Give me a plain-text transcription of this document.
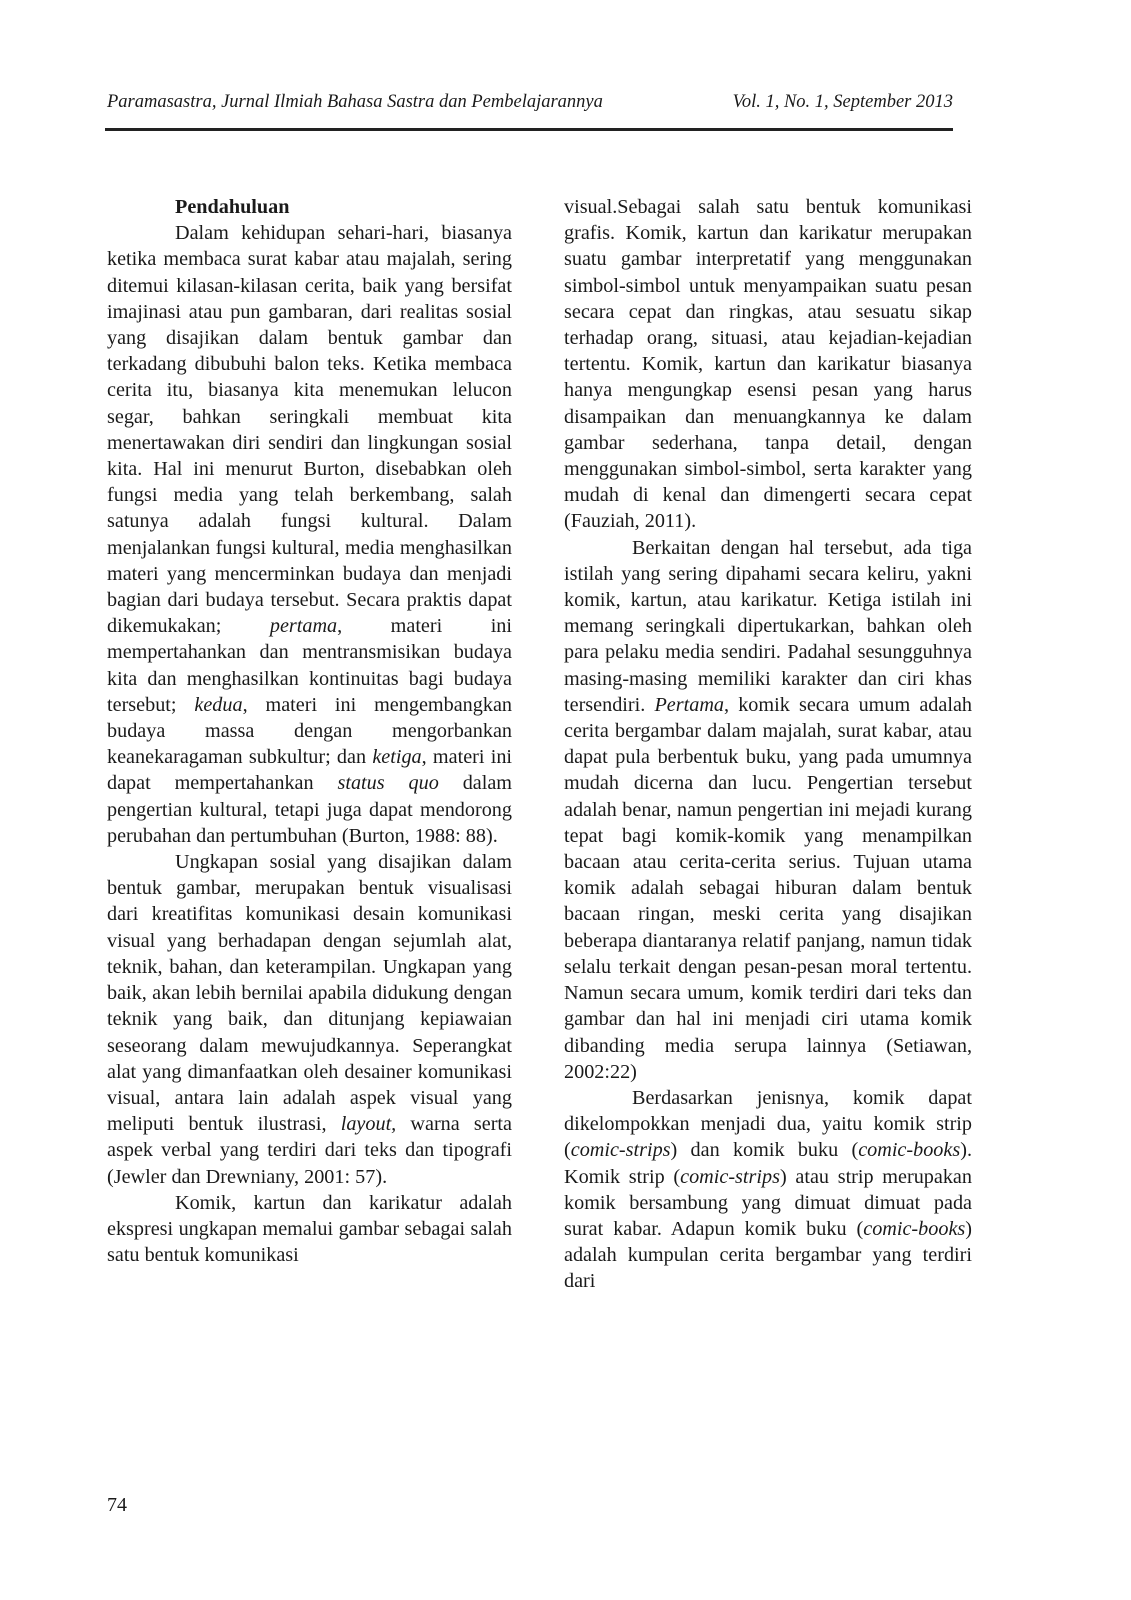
Paramasastra, Jurnal Ilmiah Bahasa Sastra dan Pembelajarannya	Vol. 1, No. 1, September 2013

Pendahuluan

Dalam kehidupan sehari-hari, biasanya ketika membaca surat kabar atau majalah, sering ditemui kilasan-kilasan cerita, baik yang bersifat imajinasi atau pun gambaran, dari realitas sosial yang disajikan dalam bentuk gambar dan terkadang dibubuhi balon teks. Ketika membaca cerita itu, biasanya kita menemukan lelucon segar, bahkan seringkali membuat kita menertawakan diri sendiri dan lingkungan sosial kita. Hal ini menurut Burton, disebabkan oleh fungsi media yang telah berkembang, salah satunya adalah fungsi kultural. Dalam menjalankan fungsi kultural, media menghasilkan materi yang mencerminkan budaya dan menjadi bagian dari budaya tersebut. Secara praktis dapat dikemukakan; pertama, materi ini mempertahankan dan mentransmisikan budaya kita dan menghasilkan kontinuitas bagi budaya tersebut; kedua, materi ini mengembangkan budaya massa dengan mengorbankan keanekaragaman subkultur; dan ketiga, materi ini dapat mempertahankan status quo dalam pengertian kultural, tetapi juga dapat mendorong perubahan dan pertumbuhan (Burton, 1988: 88).

Ungkapan sosial yang disajikan dalam bentuk gambar, merupakan bentuk visualisasi dari kreatifitas komunikasi desain komunikasi visual yang berhadapan dengan sejumlah alat, teknik, bahan, dan keterampilan. Ungkapan yang baik, akan lebih bernilai apabila didukung dengan teknik yang baik, dan ditunjang kepiawaian seseorang dalam mewujudkannya. Seperangkat alat yang dimanfaatkan oleh desainer komunikasi visual, antara lain adalah aspek visual yang meliputi bentuk ilustrasi, layout, warna serta aspek verbal yang terdiri dari teks dan tipografi (Jewler dan Drewniany, 2001: 57).

Komik, kartun dan karikatur adalah ekspresi ungkapan memalui gambar sebagai salah satu bentuk komunikasi

visual.Sebagai salah satu bentuk komunikasi grafis. Komik, kartun dan karikatur merupakan suatu gambar interpretatif yang menggunakan simbol-simbol untuk menyampaikan suatu pesan secara cepat dan ringkas, atau sesuatu sikap terhadap orang, situasi, atau kejadian-kejadian tertentu. Komik, kartun dan karikatur biasanya hanya mengungkap esensi pesan yang harus disampaikan dan menuangkannya ke dalam gambar sederhana, tanpa detail, dengan menggunakan simbol-simbol, serta karakter yang mudah di kenal dan dimengerti secara cepat (Fauziah, 2011).

Berkaitan dengan hal tersebut, ada tiga istilah yang sering dipahami secara keliru, yakni komik, kartun, atau karikatur. Ketiga istilah ini memang seringkali dipertukarkan, bahkan oleh para pelaku media sendiri. Padahal sesungguhnya masing-masing memiliki karakter dan ciri khas tersendiri. Pertama, komik secara umum adalah cerita bergambar dalam majalah, surat kabar, atau dapat pula berbentuk buku, yang pada umumnya mudah dicerna dan lucu. Pengertian tersebut adalah benar, namun pengertian ini mejadi kurang tepat bagi komik-komik yang menampilkan bacaan atau cerita-cerita serius. Tujuan utama komik adalah sebagai hiburan dalam bentuk bacaan ringan, meski cerita yang disajikan beberapa diantaranya relatif panjang, namun tidak selalu terkait dengan pesan-pesan moral tertentu. Namun secara umum, komik terdiri dari teks dan gambar dan hal ini menjadi ciri utama komik dibanding media serupa lainnya (Setiawan, 2002:22)

Berdasarkan jenisnya, komik dapat dikelompokkan menjadi dua, yaitu komik strip (comic-strips) dan komik buku (comic-books). Komik strip (comic-strips) atau strip merupakan komik bersambung yang dimuat dimuat pada surat kabar. Adapun komik buku (comic-books) adalah kumpulan cerita bergambar yang terdiri dari

74
